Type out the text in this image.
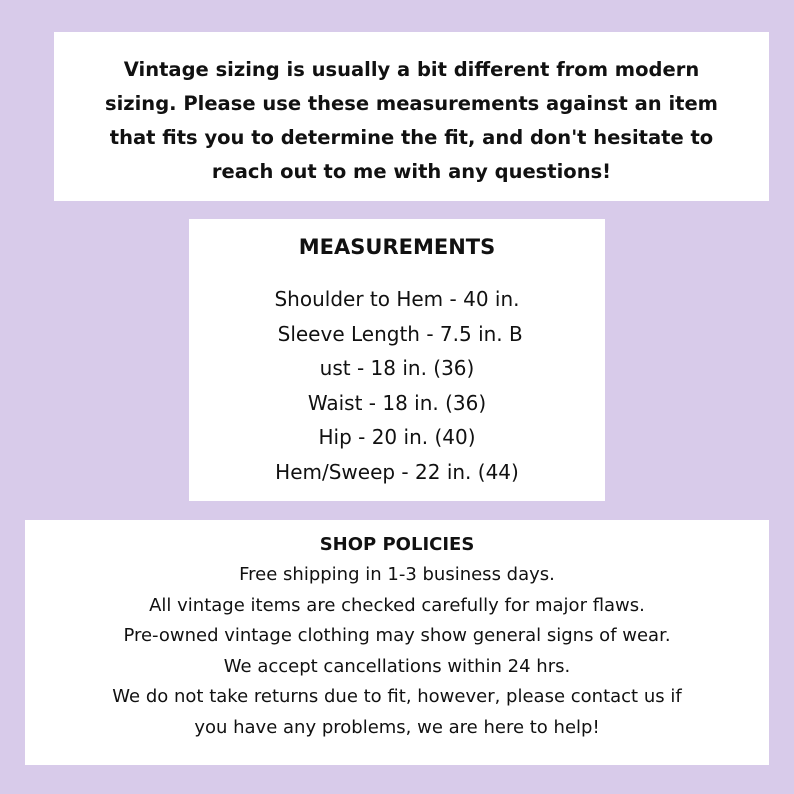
Vintage sizing is usually a bit different from modern
sizing. Please use these measurements against an item
that fits you to determine the fit, and don't hesitate to
reach out to me with any questions!
MEASUREMENTS
Shoulder to Hem - 40 in.
Sleeve Length - 7.5 in. B
ust - 18 in. (36)
Waist - 18 in. (36)
Hip - 20 in. (40)
Hem/Sweep - 22 in. (44)
SHOP POLICIES
Free shipping in 1-3 business days.
All vintage items are checked carefully for major flaws.
Pre-owned vintage clothing may show general signs of wear.
We accept cancellations within 24 hrs.
We do not take returns due to fit, however, please contact us if
you have any problems, we are here to help!
